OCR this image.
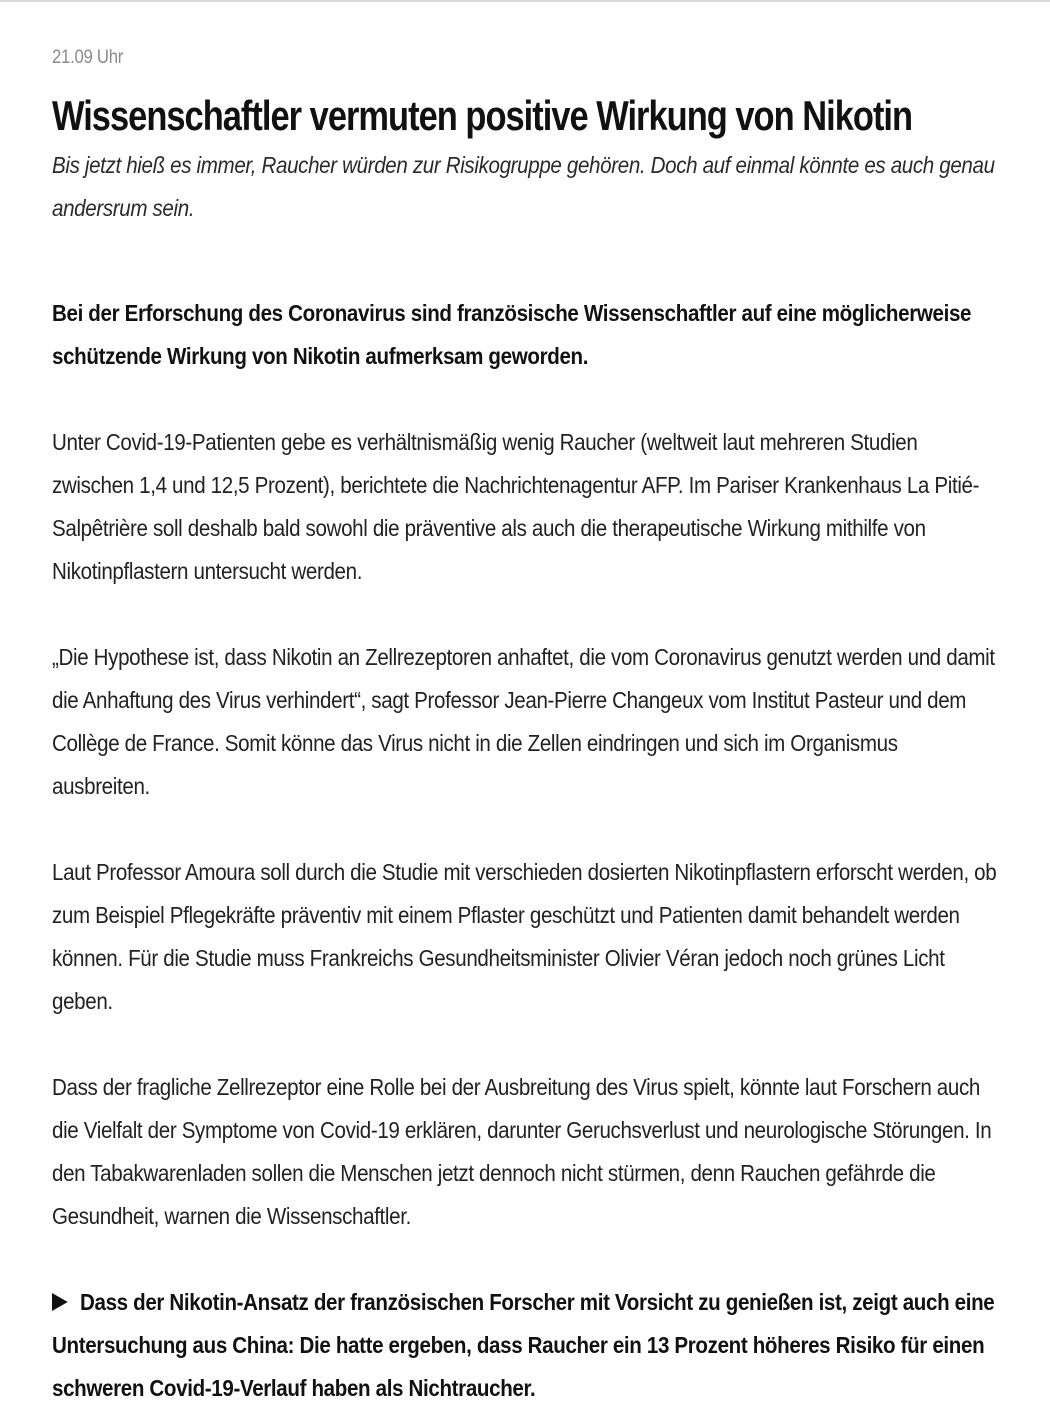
21.09 Uhr
Wissenschaftler vermuten positive Wirkung von Nikotin

Bis jetzt hieß es immer, Raucher würden zur Risikogruppe gehören. Doch auf einmal könnte es auch genau andersrum sein.

Bei der Erforschung des Coronavirus sind französische Wissenschaftler auf eine möglicherweise schützende Wirkung von Nikotin aufmerksam geworden.

Unter Covid-19-Patienten gebe es verhältnismäßig wenig Raucher (weltweit laut mehreren Studien zwischen 1,4 und 12,5 Prozent), berichtete die Nachrichtenagentur AFP. Im Pariser Krankenhaus La Pitié-Salpêtrière soll deshalb bald sowohl die präventive als auch die therapeutische Wirkung mithilfe von Nikotinpflastern untersucht werden.

„Die Hypothese ist, dass Nikotin an Zellrezeptoren anhaftet, die vom Coronavirus genutzt werden und damit die Anhaftung des Virus verhindert“, sagt Professor Jean-Pierre Changeux vom Institut Pasteur und dem Collège de France. Somit könne das Virus nicht in die Zellen eindringen und sich im Organismus ausbreiten.

Laut Professor Amoura soll durch die Studie mit verschieden dosierten Nikotinpflastern erforscht werden, ob zum Beispiel Pflegekräfte präventiv mit einem Pflaster geschützt und Patienten damit behandelt werden können. Für die Studie muss Frankreichs Gesundheitsminister Olivier Véran jedoch noch grünes Licht geben.

Dass der fragliche Zellrezeptor eine Rolle bei der Ausbreitung des Virus spielt, könnte laut Forschern auch die Vielfalt der Symptome von Covid-19 erklären, darunter Geruchsverlust und neurologische Störungen. In den Tabakwarenladen sollen die Menschen jetzt dennoch nicht stürmen, denn Rauchen gefährde die Gesundheit, warnen die Wissenschaftler.

Dass der Nikotin-Ansatz der französischen Forscher mit Vorsicht zu genießen ist, zeigt auch eine Untersuchung aus China: Die hatte ergeben, dass Raucher ein 13 Prozent höheres Risiko für einen schweren Covid-19-Verlauf haben als Nichtraucher.
